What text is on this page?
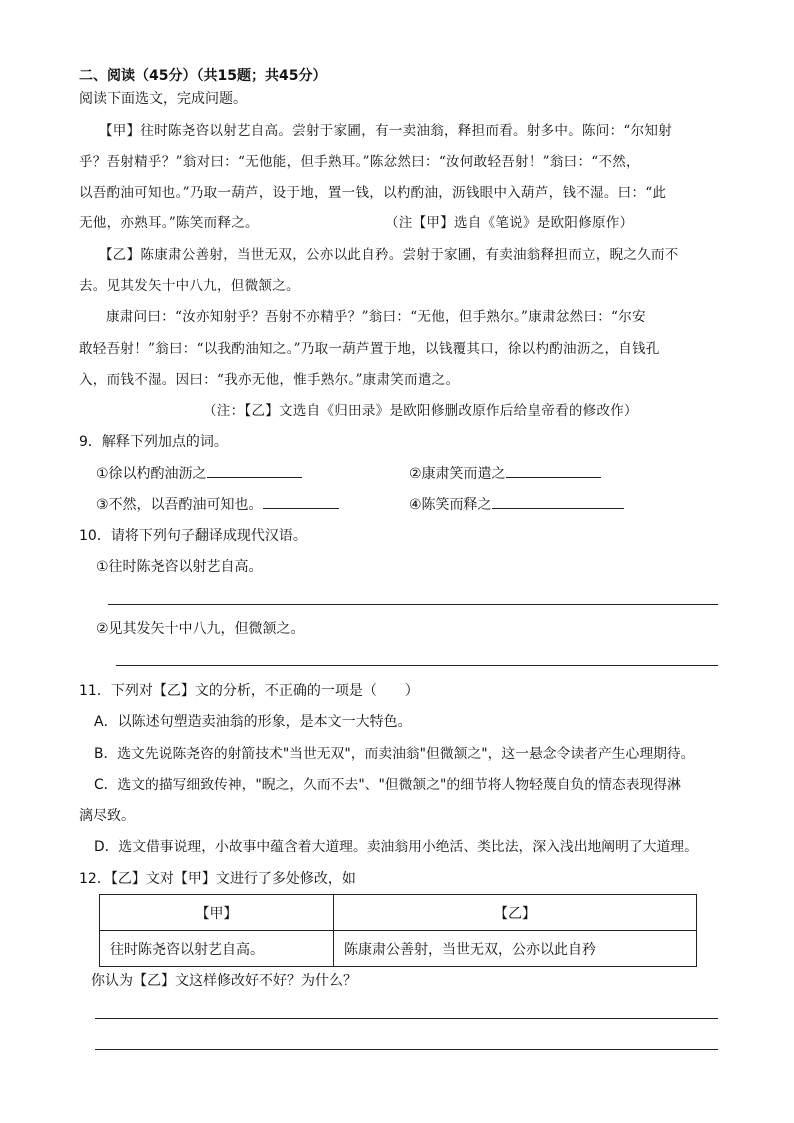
二、阅读（45分）（共15题；共45分）
阅读下面选文，完成问题。
【甲】往时陈尧咨以射艺自高。尝射于家圃，有一卖油翁，释担而看。射多中。陈问：“尔知射
乎？吾射精乎？”翁对曰：“无他能，但手熟耳。”陈忿然曰：“汝何敢轻吾射！”翁曰：“不然，
以吾酌油可知也。”乃取一葫芦，设于地，置一钱，以杓酌油，沥钱眼中入葫芦，钱不湿。曰：“此
无他，亦熟耳。”陈笑而释之。	（注【甲】选自《笔说》是欧阳修原作）
【乙】陈康肃公善射，当世无双，公亦以此自矜。尝射于家圃，有卖油翁释担而立，睨之久而不
去。见其发矢十中八九，但微颔之。
康肃问曰：“汝亦知射乎？吾射不亦精乎？”翁曰：“无他，但手熟尔。”康肃忿然曰：“尔安
敢轻吾射！”翁曰：“以我酌油知之。”乃取一葫芦置于地，以钱覆其口，徐以杓酌油沥之，自钱孔
入，而钱不湿。因曰：“我亦无他，惟手熟尔。”康肃笑而遣之。
（注：【乙】文选自《归田录》是欧阳修删改原作后给皇帝看的修改作）
9．解释下列加点的词。
①徐以杓酌油沥之	②康肃笑而遣之
③不然，以吾酌油可知也。	④陈笑而释之
10．请将下列句子翻译成现代汉语。
①往时陈尧咨以射艺自高。
②见其发矢十中八九，但微颔之。
11．下列对【乙】文的分析，不正确的一项是（　　）
A．以陈述句塑造卖油翁的形象，是本文一大特色。
B．选文先说陈尧咨的射箭技术"当世无双"，而卖油翁"但微颔之"，这一悬念令读者产生心理期待。
C．选文的描写细致传神，"睨之，久而不去"、"但微颔之"的细节将人物轻蔑自负的情态表现得淋
漓尽致。
D．选文借事说理，小故事中蕴含着大道理。卖油翁用小绝活、类比法，深入浅出地阐明了大道理。
12．【乙】文对【甲】文进行了多处修改，如
【甲】	【乙】
往时陈尧咨以射艺自高。	陈康肃公善射，当世无双，公亦以此自矜
你认为【乙】文这样修改好不好？为什么？
